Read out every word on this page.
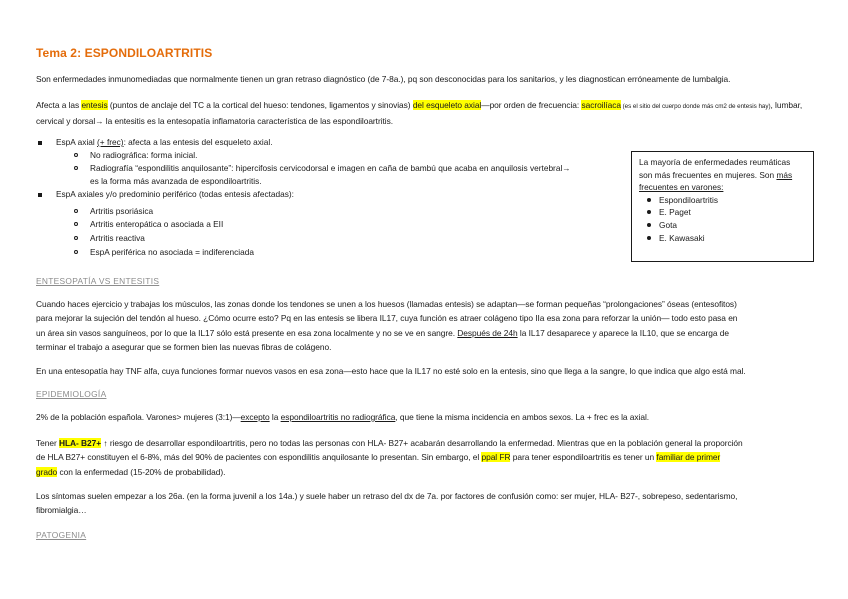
Tema 2: ESPONDILOARTRITIS
Son enfermedades inmunomediadas que normalmente tienen un gran retraso diagnóstico (de 7-8a.), pq son desconocidas para los sanitarios, y les diagnostican erróneamente de lumbalgia.
Afecta a las entesis (puntos de anclaje del TC a la cortical del hueso: tendones, ligamentos y sinovias) del esqueleto axial—por orden de frecuencia: sacroilíaca (es el sitio del cuerpo donde más cm2 de entesis hay), lumbar, cervical y dorsal→ la entesitis es la entesopatía inflamatoria característica de las espondiloartritis.
EspA axial (+ frec): afecta a las entesis del esqueleto axial.
No radiográfica: forma inicial.
Radiografía “espondilitis anquilosante”: hipercifosis cervicodorsal e imagen en caña de bambú que acaba en anquilosis vertebral→
es la forma más avanzada de espondiloartritis.
EspA axiales y/o predominio periférico (todas entesis afectadas):
Artritis psoriásica
Artritis enteropática o asociada a EII
Artritis reactiva
EspA periférica no asociada = indiferenciada
La mayoría de enfermedades reumáticas
son más frecuentes en mujeres. Son más
frecuentes en varones:
Espondiloartritis
E. Paget
Gota
E. Kawasaki
ENTESOPATÍA VS ENTESITIS
Cuando haces ejercicio y trabajas los músculos, las zonas donde los tendones se unen a los huesos (llamadas entesis) se adaptan—se forman pequeñas “prolongaciones” óseas (entesofitos)
para mejorar la sujeción del tendón al hueso. ¿Cómo ocurre esto? Pq en las entesis se libera IL17, cuya función es atraer colágeno tipo IIa esa zona para reforzar la unión— todo esto pasa en
un área sin vasos sanguíneos, por lo que la IL17 sólo está presente en esa zona localmente y no se ve en sangre. Después de 24h la IL17 desaparece y aparece la IL10, que se encarga de
terminar el trabajo a asegurar que se formen bien las nuevas fibras de colágeno.
En una entesopatía hay TNF alfa, cuya funciones formar nuevos vasos en esa zona—esto hace que la IL17 no esté solo en la entesis, sino que llega a la sangre, lo que indica que algo está mal.
EPIDEMIOLOGÍA
2% de la población española. Varones> mujeres (3:1)—excepto la espondiloartritis no radiográfica, que tiene la misma incidencia en ambos sexos. La + frec es la axial.
Tener HLA- B27+ ↑ riesgo de desarrollar espondiloartritis, pero no todas las personas con HLA- B27+ acabarán desarrollando la enfermedad. Mientras que en la población general la proporción
de HLA B27+ constituyen el 6-8%, más del 90% de pacientes con espondilitis anquilosante lo presentan. Sin embargo, el ppal FR para tener espondiloartritis es tener un familiar de primer
grado con la enfermedad (15-20% de probabilidad).
Los síntomas suelen empezar a los 26a. (en la forma juvenil a los 14a.) y suele haber un retraso del dx de 7a. por factores de confusión como: ser mujer, HLA- B27-, sobrepeso, sedentarismo,
fibromialgia…
PATOGENIA
